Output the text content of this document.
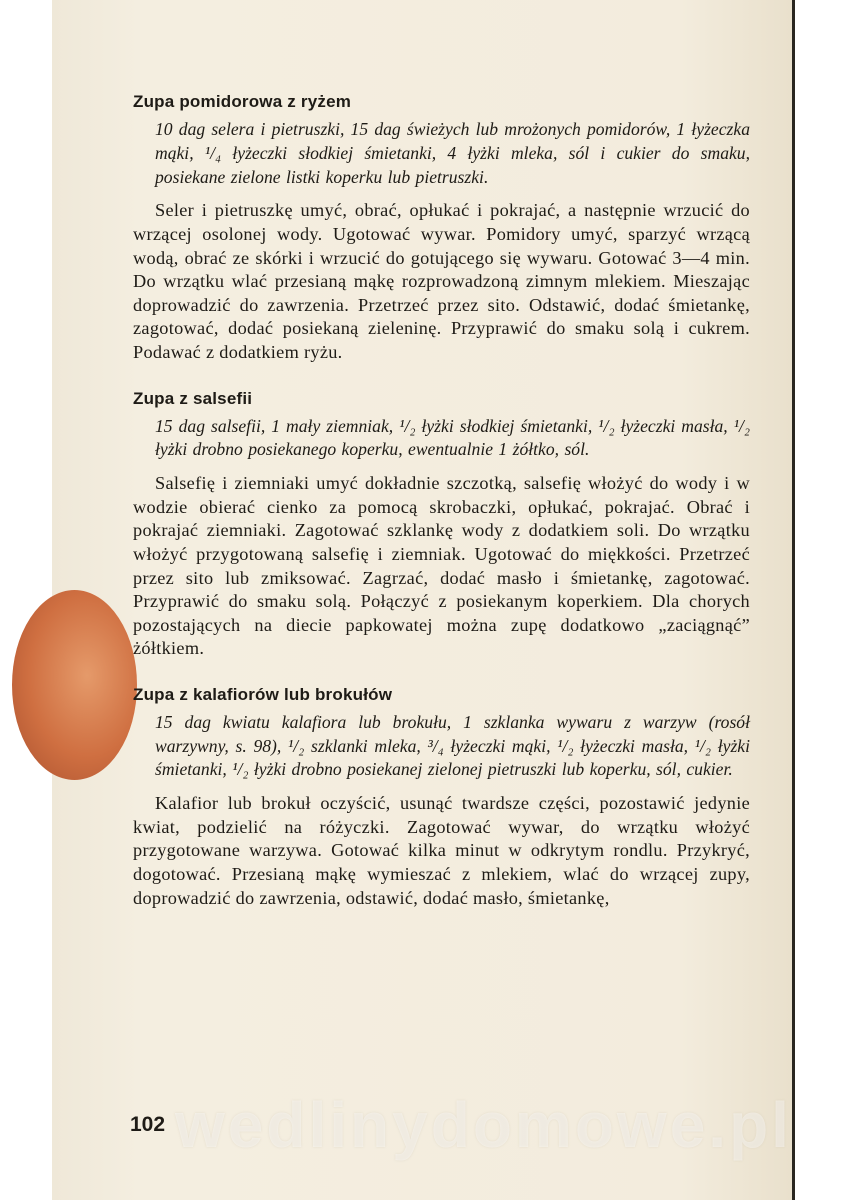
Zupa pomidorowa z ryżem

10 dag selera i pietruszki, 15 dag świeżych lub mrożonych pomidorów, 1 łyżeczka mąki, ¹/₄ łyżeczki słodkiej śmietanki, 4 łyżki mleka, sól i cukier do smaku, posiekane zielone listki koperku lub pietruszki.

Seler i pietruszkę umyć, obrać, opłukać i pokrajać, a następnie wrzucić do wrzącej osolonej wody. Ugotować wywar. Pomidory umyć, sparzyć wrzącą wodą, obrać ze skórki i wrzucić do gotującego się wywaru. Gotować 3—4 min. Do wrzątku wlać przesianą mąkę rozprowadzoną zimnym mlekiem. Mieszając doprowadzić do zawrzenia. Przetrzeć przez sito. Odstawić, dodać śmietankę, zagotować, dodać posiekaną zieleninę. Przyprawić do smaku solą i cukrem. Podawać z dodatkiem ryżu.

Zupa z salsefii

15 dag salsefii, 1 mały ziemniak, ¹/₂ łyżki słodkiej śmietanki, ¹/₂ łyżeczki masła, ¹/₂ łyżki drobno posiekanego koperku, ewentualnie 1 żółtko, sól.

Salsefię i ziemniaki umyć dokładnie szczotką, salsefię włożyć do wody i w wodzie obierać cienko za pomocą skrobaczki, opłukać, pokrajać. Obrać i pokrajać ziemniaki. Zagotować szklankę wody z dodatkiem soli. Do wrzątku włożyć przygotowaną salsefię i ziemniak. Ugotować do miękkości. Przetrzeć przez sito lub zmiksować. Zagrzać, dodać masło i śmietankę, zagotować. Przyprawić do smaku solą. Połączyć z posiekanym koperkiem. Dla chorych pozostających na diecie papkowatej można zupę dodatkowo „zaciągnąć” żółtkiem.

Zupa z kalafiorów lub brokułów

15 dag kwiatu kalafiora lub brokułu, 1 szklanka wywaru z warzyw (rosół warzywny, s. 98), ¹/₂ szklanki mleka, ³/₄ łyżeczki mąki, ¹/₂ łyżeczki masła, ¹/₂ łyżki śmietanki, ¹/₂ łyżki drobno posiekanej zielonej pietruszki lub koperku, sól, cukier.

Kalafior lub brokuł oczyścić, usunąć twardsze części, pozostawić jedynie kwiat, podzielić na różyczki. Zagotować wywar, do wrzątku włożyć przygotowane warzywa. Gotować kilka minut w odkrytym rondlu. Przykryć, dogotować. Przesianą mąkę wymieszać z mlekiem, wlać do wrzącej zupy, doprowadzić do zawrzenia, odstawić, dodać masło, śmietankę,

102 wedlinydomowe.pl
